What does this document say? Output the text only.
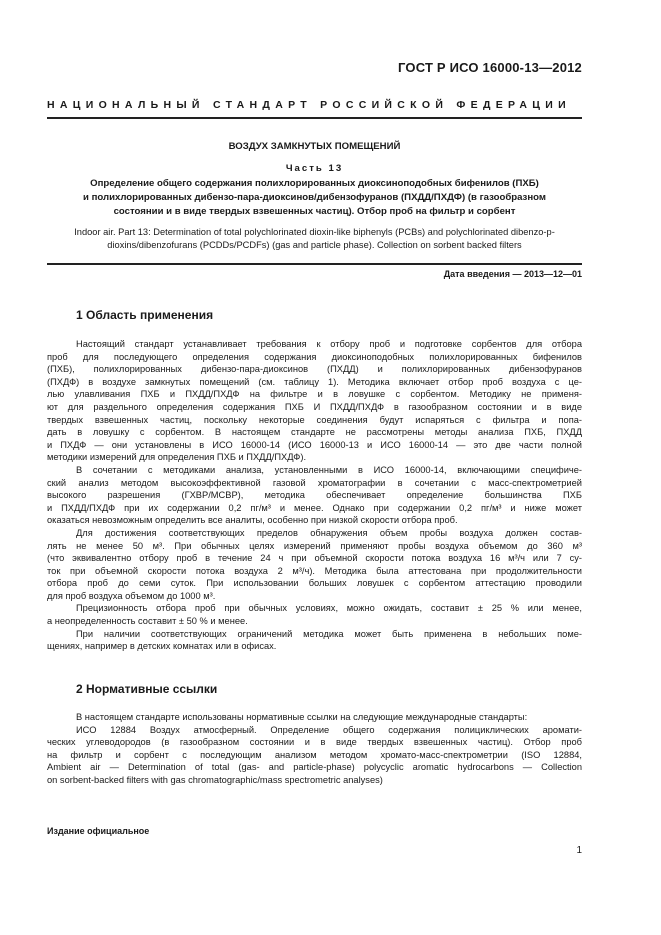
ГОСТ Р ИСО 16000-13—2012
НАЦИОНАЛЬНЫЙ СТАНДАРТ РОССИЙСКОЙ ФЕДЕРАЦИИ
ВОЗДУХ ЗАМКНУТЫХ ПОМЕЩЕНИЙ
Часть 13
Определение общего содержания полихлорированных диоксиноподобных бифенилов (ПХБ)
и полихлорированных дибензо-пара-диоксинов/дибензофуранов (ПХДД/ПХДФ) (в газообразном
состоянии и в виде твердых взвешенных частиц). Отбор проб на фильтр и сорбент
Indoor air. Part 13: Determination of total polychlorinated dioxin-like biphenyls (PCBs) and polychlorinated dibenzo-p-
dioxins/dibenzofurans (PCDDs/PCDFs) (gas and particle phase). Collection on sorbent backed filters
Дата введения — 2013—12—01
1 Область применения
Настоящий стандарт устанавливает требования к отбору проб и подготовке сорбентов для отбора
проб для последующего определения содержания диоксиноподобных полихлорированных бифенилов
(ПХБ), полихлорированных дибензо-пара-диоксинов (ПХДД) и полихлорированных дибензофуранов
(ПХДФ) в воздухе замкнутых помещений (см. таблицу 1). Методика включает отбор проб воздуха с це-
лью улавливания ПХБ и ПХДД/ПХДФ на фильтре и в ловушке с сорбентом. Методику не применя-
ют для раздельного определения содержания ПХБ И ПХДД/ПХДФ в газообразном состоянии и в виде
твердых взвешенных частиц, поскольку некоторые соединения будут испаряться с фильтра и попа-
дать в ловушку с сорбентом. В настоящем стандарте не рассмотрены методы анализа ПХБ, ПХДД
и ПХДФ — они установлены в ИСО 16000-14 (ИСО 16000-13 и ИСО 16000-14 — это две части полной
методики измерений для определения ПХБ и ПХДД/ПХДФ).
В сочетании с методиками анализа, установленными в ИСО 16000-14, включающими специфиче-
ский анализ методом высокоэффективной газовой хроматографии в сочетании с масс-спектрометрией
высокого разрешения (ГХВР/МСВР), методика обеспечивает определение большинства ПХБ
и ПХДД/ПХДФ при их содержании 0,2 пг/м³ и менее. Однако при содержании 0,2 пг/м³ и ниже может
оказаться невозможным определить все аналиты, особенно при низкой скорости отбора проб.
Для достижения соответствующих пределов обнаружения объем пробы воздуха должен состав-
лять не менее 50 м³. При обычных целях измерений применяют пробы воздуха объемом до 360 м³
(что эквивалентно отбору проб в течение 24 ч при объемной скорости потока воздуха 16 м³/ч или 7 су-
ток при объемной скорости потока воздуха 2 м³/ч). Методика была аттестована при продолжительности
отбора проб до семи суток. При использовании больших ловушек с сорбентом аттестацию проводили
для проб воздуха объемом до 1000 м³.
Прецизионность отбора проб при обычных условиях, можно ожидать, составит ± 25 % или менее,
а неопределенность составит ± 50 % и менее.
При наличии соответствующих ограничений методика может быть применена в небольших поме-
щениях, например в детских комнатах или в офисах.
2 Нормативные ссылки
В настоящем стандарте использованы нормативные ссылки на следующие международные стандарты:
ИСО 12884 Воздух атмосферный. Определение общего содержания полициклических аромати-
ческих углеводородов (в газообразном состоянии и в виде твердых взвешенных частиц). Отбор проб
на фильтр и сорбент с последующим анализом методом хромато-масс-спектрометрии (ISO 12884,
Ambient air — Determination of total (gas- and particle-phase) polycyclic aromatic hydrocarbons — Collection
on sorbent-backed filters with gas chromatographic/mass spectrometric analyses)
Издание официальное
1
